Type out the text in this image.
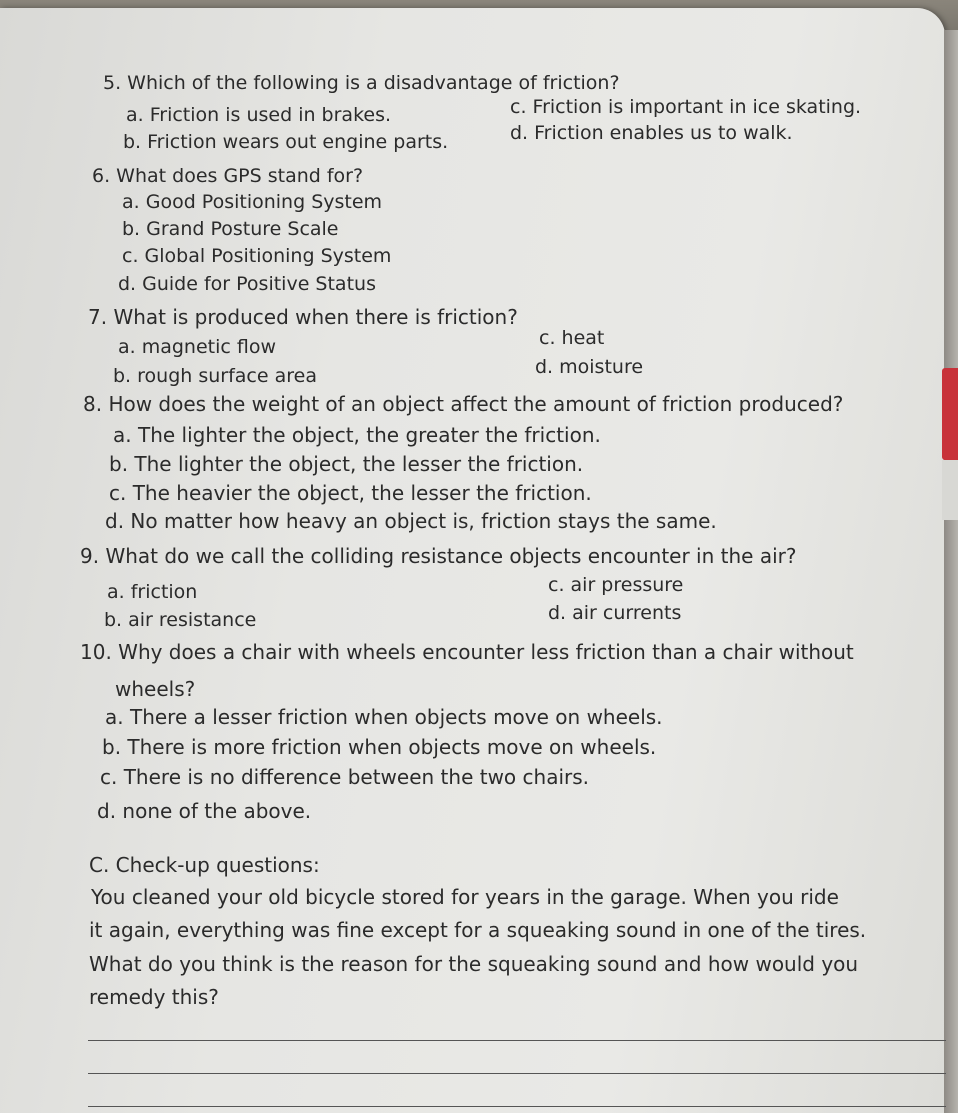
5. Which of the following is a disadvantage of friction?

a. Friction is used in brakes.

b. Friction wears out engine parts.

c. Friction is important in ice skating.

d. Friction enables us to walk.

6. What does GPS stand for?

a. Good Positioning System

b. Grand Posture Scale

c. Global Positioning System

d. Guide for Positive Status

7. What is produced when there is friction?

a. magnetic flow

b. rough surface area

c. heat

d. moisture

8. How does the weight of an object affect the amount of friction produced?

a. The lighter the object, the greater the friction.

b. The lighter the object, the lesser the friction.

c. The heavier the object, the lesser the friction.

d. No matter how heavy an object is, friction stays the same.

9. What do we call the colliding resistance objects encounter in the air?

a. friction

b. air resistance

c. air pressure

d. air currents

10. Why does a chair with wheels encounter less friction than a chair without

wheels?

a. There a lesser friction when objects move on wheels.

b. There is more friction when objects move on wheels.

c. There is no difference between the two chairs.

d. none of the above.

C. Check-up questions:

You cleaned your old bicycle stored for years in the garage. When you ride

it again, everything was fine except for a squeaking sound in one of the tires.

What do you think is the reason for the squeaking sound and how would you

remedy this?
